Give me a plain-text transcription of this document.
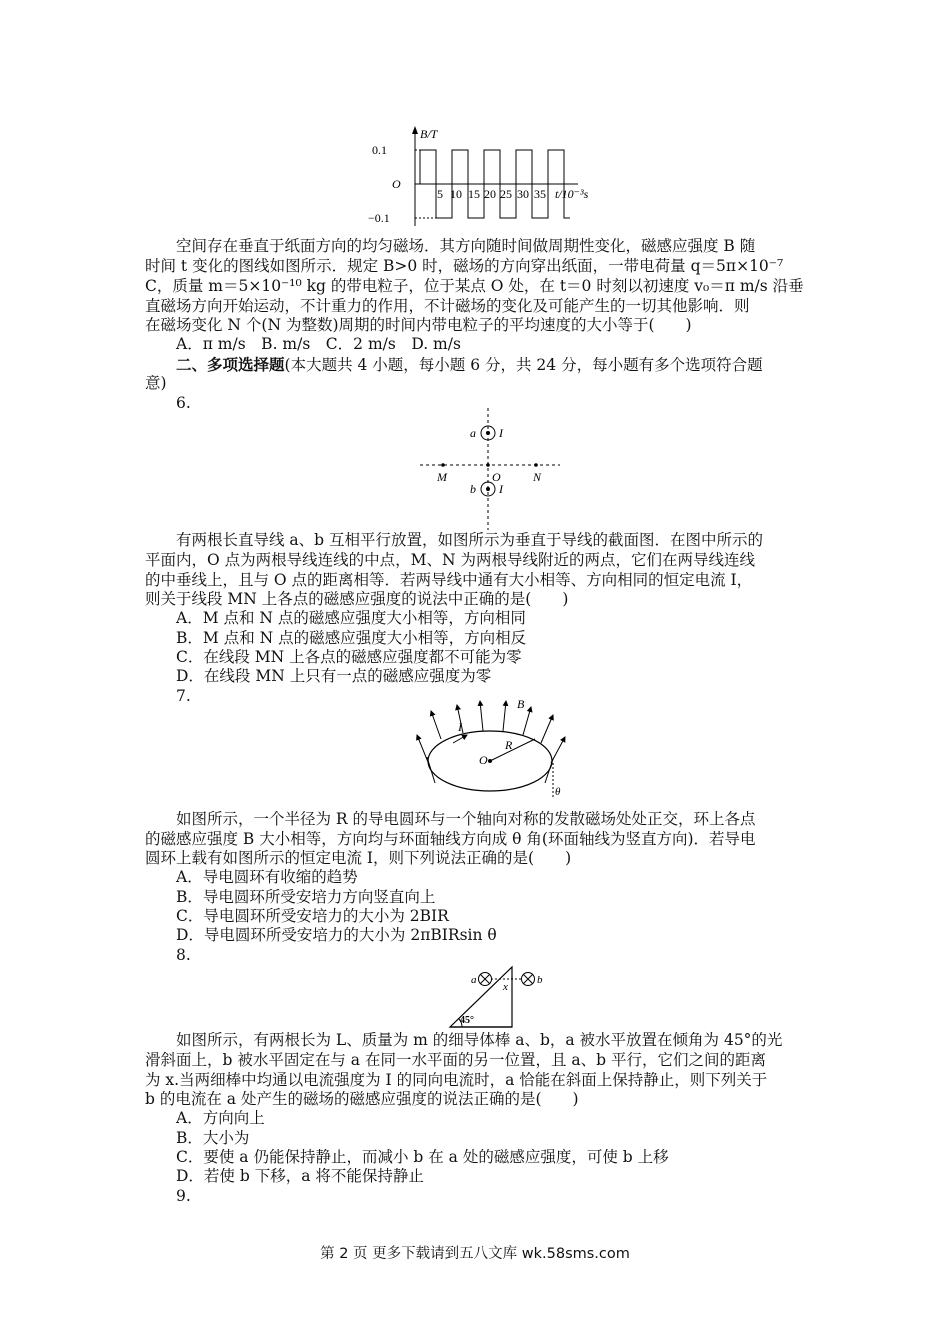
B/T
0.1
O
−0.1
5 10 15 20 25 30 35 t/10⁻³s
空间存在垂直于纸面方向的均匀磁场．其方向随时间做周期性变化，磁感应强度 B 随
时间 t 变化的图线如图所示．规定 B>0 时，磁场的方向穿出纸面，一带电荷量 q＝5π×10⁻⁷
C，质量 m＝5×10⁻¹⁰ kg 的带电粒子，位于某点 O 处，在 t＝0 时刻以初速度 v₀＝π m/s 沿垂
直磁场方向开始运动，不计重力的作用，不计磁场的变化及可能产生的一切其他影响．则
在磁场变化 N 个(N 为整数)周期的时间内带电粒子的平均速度的大小等于(　　)
A．π m/s　B. m/s　C．2 m/s　D. m/s
二、多项选择题(本大题共 4 小题，每小题 6 分，共 24 分，每小题有多个选项符合题
意)
6.
a I
b I
M	O	N
有两根长直导线 a、b 互相平行放置，如图所示为垂直于导线的截面图．在图中所示的
平面内，O 点为两根导线连线的中点，M、N 为两根导线附近的两点，它们在两导线连线
的中垂线上，且与 O 点的距离相等．若两导线中通有大小相等、方向相同的恒定电流 I，
则关于线段 MN 上各点的磁感应强度的说法中正确的是(　　)
A．M 点和 N 点的磁感应强度大小相等，方向相同
B．M 点和 N 点的磁感应强度大小相等，方向相反
C．在线段 MN 上各点的磁感应强度都不可能为零
D．在线段 MN 上只有一点的磁感应强度为零
7.	B
I
R
O
θ
如图所示，一个半径为 R 的导电圆环与一个轴向对称的发散磁场处处正交，环上各点
的磁感应强度 B 大小相等，方向均与环面轴线方向成 θ 角(环面轴线为竖直方向)．若导电
圆环上载有如图所示的恒定电流 I，则下列说法正确的是(　　)
A．导电圆环有收缩的趋势
B．导电圆环所受安培力方向竖直向上
C．导电圆环所受安培力的大小为 2BIR
D．导电圆环所受安培力的大小为 2πBIRsin θ
8.
a	b
x
45°
如图所示，有两根长为 L、质量为 m 的细导体棒 a、b，a 被水平放置在倾角为 45°的光
滑斜面上，b 被水平固定在与 a 在同一水平面的另一位置，且 a、b 平行，它们之间的距离
为 x.当两细棒中均通以电流强度为 I 的同向电流时，a 恰能在斜面上保持静止，则下列关于
b 的电流在 a 处产生的磁场的磁感应强度的说法正确的是(　　)
A．方向向上
B．大小为
C．要使 a 仍能保持静止，而减小 b 在 a 处的磁感应强度，可使 b 上移
D．若使 b 下移，a 将不能保持静止
9.
第 2 页 更多下载请到五八文库 wk.58sms.com
